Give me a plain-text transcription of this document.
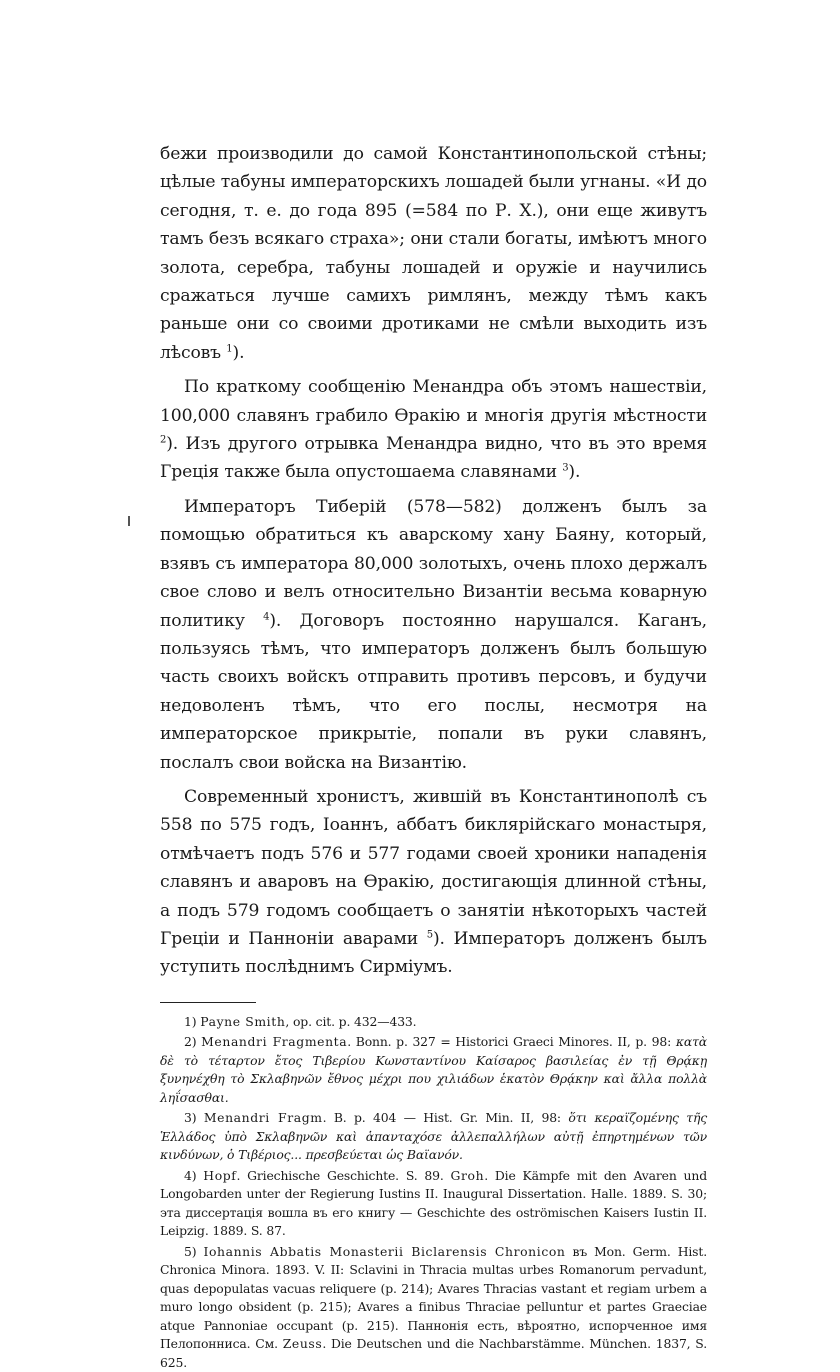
бежи производили до самой Константинопольской стѣны; цѣлые табуны императорскихъ лошадей были угнаны. «И до сегодня, т. е. до года 895 (=584 по Р. Х.), они еще живутъ тамъ безъ всякаго страха»; они стали богаты, имѣютъ много золота, серебра, табуны лошадей и оружіе и научились сражаться лучше самихъ римлянъ, между тѣмъ какъ раньше они со своими дротиками не смѣли выходить изъ лѣсовъ $^1$).

По краткому сообщенію Менандра объ этомъ нашествіи, 100,000 славянъ грабило Ѳракію и многія другія мѣстности $^2$). Изъ другого отрывка Менандра видно, что въ это время Греція также была опустошаема славянами $^3$).

Императоръ Тиберій (578—582) долженъ былъ за помощью обратиться къ аварскому хану Баяну, который, взявъ съ императора 80,000 золотыхъ, очень плохо держалъ свое слово и велъ относительно Византіи весьма коварную политику $^4$). Договоръ постоянно нарушался. Каганъ, пользуясь тѣмъ, что императоръ долженъ былъ большую часть своихъ войскъ отправить противъ персовъ, и будучи недоволенъ тѣмъ, что его послы, несмотря на императорское прикрытіе, попали въ руки славянъ, послалъ свои войска на Византію.

Современный хронистъ, жившій въ Константинополѣ съ 558 по 575 годъ, Іоаннъ, аббатъ биклярійскаго монастыря, отмѣчаетъ подъ 576 и 577 годами своей хроники нападенія славянъ и аваровъ на Ѳракію, достигающія длинной стѣны, а подъ 579 годомъ сообщаетъ о занятіи нѣкоторыхъ частей Греціи и Панноніи аварами $^5$). Императоръ долженъ былъ уступить послѣднимъ Сирміумъ.

1) Payne Smith, op. cit. p. 432—433.

2) Menandri Fragmenta. Bonn. p. 327 = Historici Graeci Minores. II, p. 98: κατὰ δὲ τὸ τέταρτον ἔτος Τιβερίου Κωνσταντίνου Καίσαρος βασιλείας ἐν τῇ Θρᾴκῃ ξυνηνέχθη τὸ Σκλαβηνῶν ἔθνος μέχρι που χιλιάδων ἑκατὸν Θρᾴκην καὶ ἄλλα πολλὰ ληΐσασθαι.

3) Menandri Fragm. B. p. 404 — Hist. Gr. Min. II, 98: ὅτι κεραϊζομένης τῆς Ἑλλάδος ὑπὸ Σκλαβηνῶν καὶ ἁπανταχόσε ἀλλεπαλλήλων αὐτῇ ἐπηρτημένων τῶν κινδύνων, ὁ Τιβέριος... πρεσβεύεται ὡς Βαϊανόν.

4) Hopf. Griechische Geschichte. S. 89. Groh. Die Kämpfe mit den Avaren und Longobarden unter der Regierung Iustins II. Inaugural Dissertation. Halle. 1889. S. 30; эта диссертація вошла въ его книгу — Geschichte des oströmischen Kaisers Iustin II. Leipzig. 1889. S. 87.

5) Iohannis Abbatis Monasterii Biclarensis Chronicon въ Mon. Germ. Hist. Chronica Minora. 1893. V. II: Sclavini in Thracia multas urbes Romanorum pervadunt, quas depopulatas vacuas reliquere (p. 214); Avares Thracias vastant et regiam urbem a muro longo obsident (p. 215); Avares a finibus Thraciae pelluntur et partes Graeciae atque Pannoniae occupant (p. 215). Паннонія есть, вѣроятно, испорченное имя Пелопонниса. См. Zeuss. Die Deutschen und die Nachbarstämme. München. 1837, S. 625.
